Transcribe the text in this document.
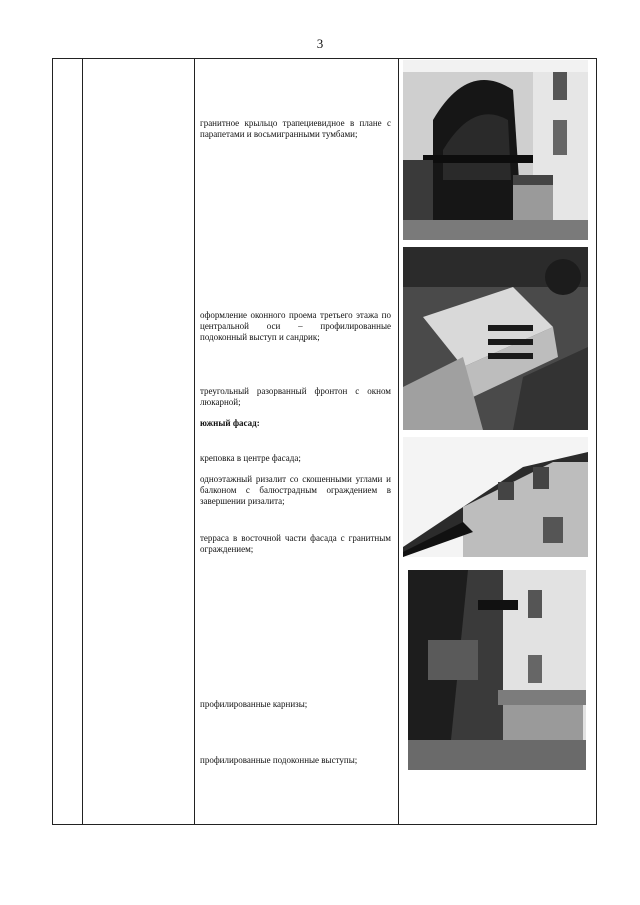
3
гранитное крыльцо трапециевидное в плане с парапетами и восьмигранными тумбами;
оформление оконного проема третьего этажа по центральной оси – профилированные подоконный выступ и сандрик;
треугольный разорванный фронтон с окном люкарной;
южный фасад:
креповка в центре фасада;
одноэтажный ризалит со скошенными углами и балконом с балюстрадным ограждением в завершении ризалита;
терраса в восточной части фасада с гранитным ограждением;
профилированные карнизы;
профилированные подоконные выступы;
